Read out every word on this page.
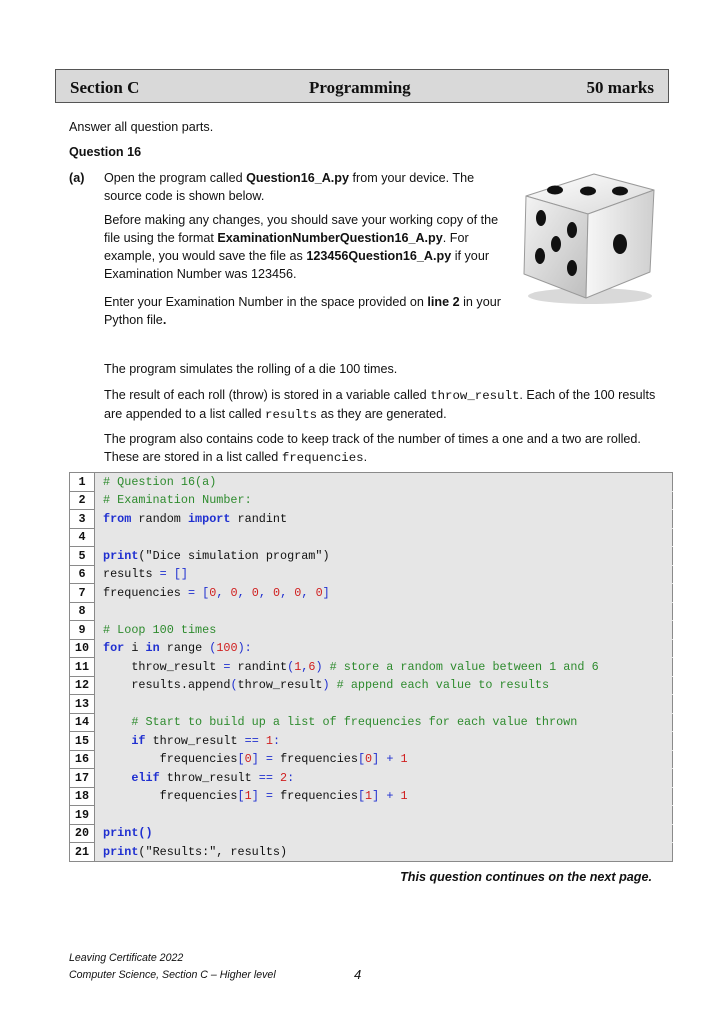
Section C	Programming	50 marks
Answer all question parts.
Question 16
(a) Open the program called Question16_A.py from your device. The source code is shown below.
Before making any changes, you should save your working copy of the file using the format ExaminationNumberQuestion16_A.py. For example, you would save the file as 123456Question16_A.py if your Examination Number was 123456.
Enter your Examination Number in the space provided on line 2 in your Python file.
The program simulates the rolling of a die 100 times.
The result of each roll (throw) is stored in a variable called throw_result. Each of the 100 results are appended to a list called results as they are generated.
The program also contains code to keep track of the number of times a one and a two are rolled. These are stored in a list called frequencies.
1	# Question 16(a)
2	# Examination Number:
3	from random import randint
4	
5	print("Dice simulation program")
6	results = []
7	frequencies = [0, 0, 0, 0, 0, 0]
8	
9	# Loop 100 times
10	for i in range (100):
11	throw_result = randint(1,6) # store a random value between 1 and 6
12	results.append(throw_result) # append each value to results
13	
14	# Start to build up a list of frequencies for each value thrown
15	if throw_result == 1:
16	frequencies[0] = frequencies[0] + 1
17	elif throw_result == 2:
18	frequencies[1] = frequencies[1] + 1
19	
20	print()
21	print("Results:", results)
This question continues on the next page.
Leaving Certificate 2022
Computer Science, Section C – Higher level	4
